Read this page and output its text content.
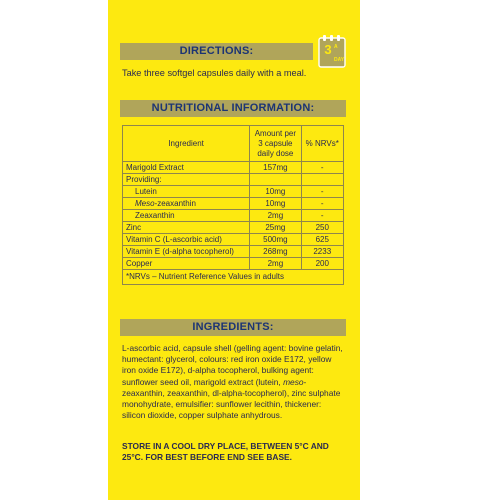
DIRECTIONS:
Take three softgel capsules daily with a meal.
3 A
DAY
NUTRITIONAL INFORMATION:
Ingredient	Amount per 3 capsule daily dose	% NRVs*
Marigold Extract	157mg	-
Providing:		
Lutein	10mg	-
Meso-zeaxanthin	10mg	-
Zeaxanthin	2mg	-
Zinc	25mg	250
Vitamin C (L-ascorbic acid)	500mg	625
Vitamin E (d-alpha tocopherol)	268mg	2233
Copper	2mg	200
*NRVs – Nutrient Reference Values in adults		
INGREDIENTS:
L-ascorbic acid, capsule shell (gelling agent: bovine gelatin, humectant: glycerol, colours: red iron oxide E172, yellow iron oxide E172), d-alpha tocopherol, bulking agent: sunflower seed oil, marigold extract (lutein, meso-zeaxanthin, zeaxanthin, dl-alpha-tocopherol), zinc sulphate monohydrate, emulsifier: sunflower lecithin, thickener: silicon dioxide, copper sulphate anhydrous.
STORE IN A COOL DRY PLACE, BETWEEN 5°C AND 25°C. FOR BEST BEFORE END SEE BASE.
